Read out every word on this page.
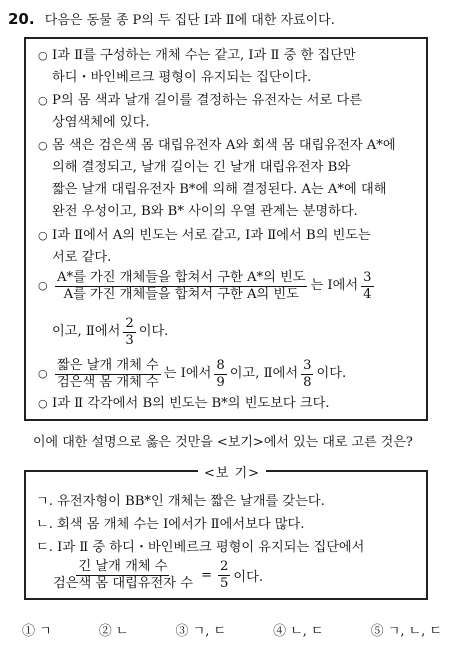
20. 다음은 동물 종 P의 두 집단 Ⅰ과 Ⅱ에 대한 자료이다.
○ Ⅰ과 Ⅱ를 구성하는 개체 수는 같고, Ⅰ과 Ⅱ 중 한 집단만
하디・바인베르크 평형이 유지되는 집단이다.
○ P의 몸 색과 날개 길이를 결정하는 유전자는 서로 다른
상염색체에 있다.
○ 몸 색은 검은색 몸 대립유전자 A와 회색 몸 대립유전자 A*에
의해 결정되고, 날개 길이는 긴 날개 대립유전자 B와
짧은 날개 대립유전자 B*에 의해 결정된다. A는 A*에 대해
완전 우성이고, B와 B* 사이의 우열 관계는 분명하다.
○ Ⅰ과 Ⅱ에서 A의 빈도는 서로 같고, Ⅰ과 Ⅱ에서 B의 빈도는
서로 같다.
○ $\frac{\text{A*를 가진 개체들을 합쳐서 구한 A*의 빈도}}{\text{A를 가진 개체들을 합쳐서 구한 A의 빈도}}$ 는 Ⅰ에서 $\frac{3}{4}$
이고, Ⅱ에서 $\frac{2}{3}$ 이다.
○ $\frac{\text{짧은 날개 개체 수}}{\text{검은색 몸 개체 수}}$ 는 Ⅰ에서 $\frac{8}{9}$ 이고, Ⅱ에서 $\frac{3}{8}$ 이다.
○ Ⅰ과 Ⅱ 각각에서 B의 빈도는 B*의 빈도보다 크다.
이에 대한 설명으로 옳은 것만을 <보기>에서 있는 대로 고른 것은?
<보 기>
ㄱ. 유전자형이 BB*인 개체는 짧은 날개를 갖는다.
ㄴ. 회색 몸 개체 수는 Ⅰ에서가 Ⅱ에서보다 많다.
ㄷ. Ⅰ과 Ⅱ 중 하디・바인베르크 평형이 유지되는 집단에서
$\frac{\text{긴 날개 개체 수}}{\text{검은색 몸 대립유전자 수}} = \frac{2}{5}$ 이다.
① ㄱ	② ㄴ	③ ㄱ, ㄷ	④ ㄴ, ㄷ	⑤ ㄱ, ㄴ, ㄷ
